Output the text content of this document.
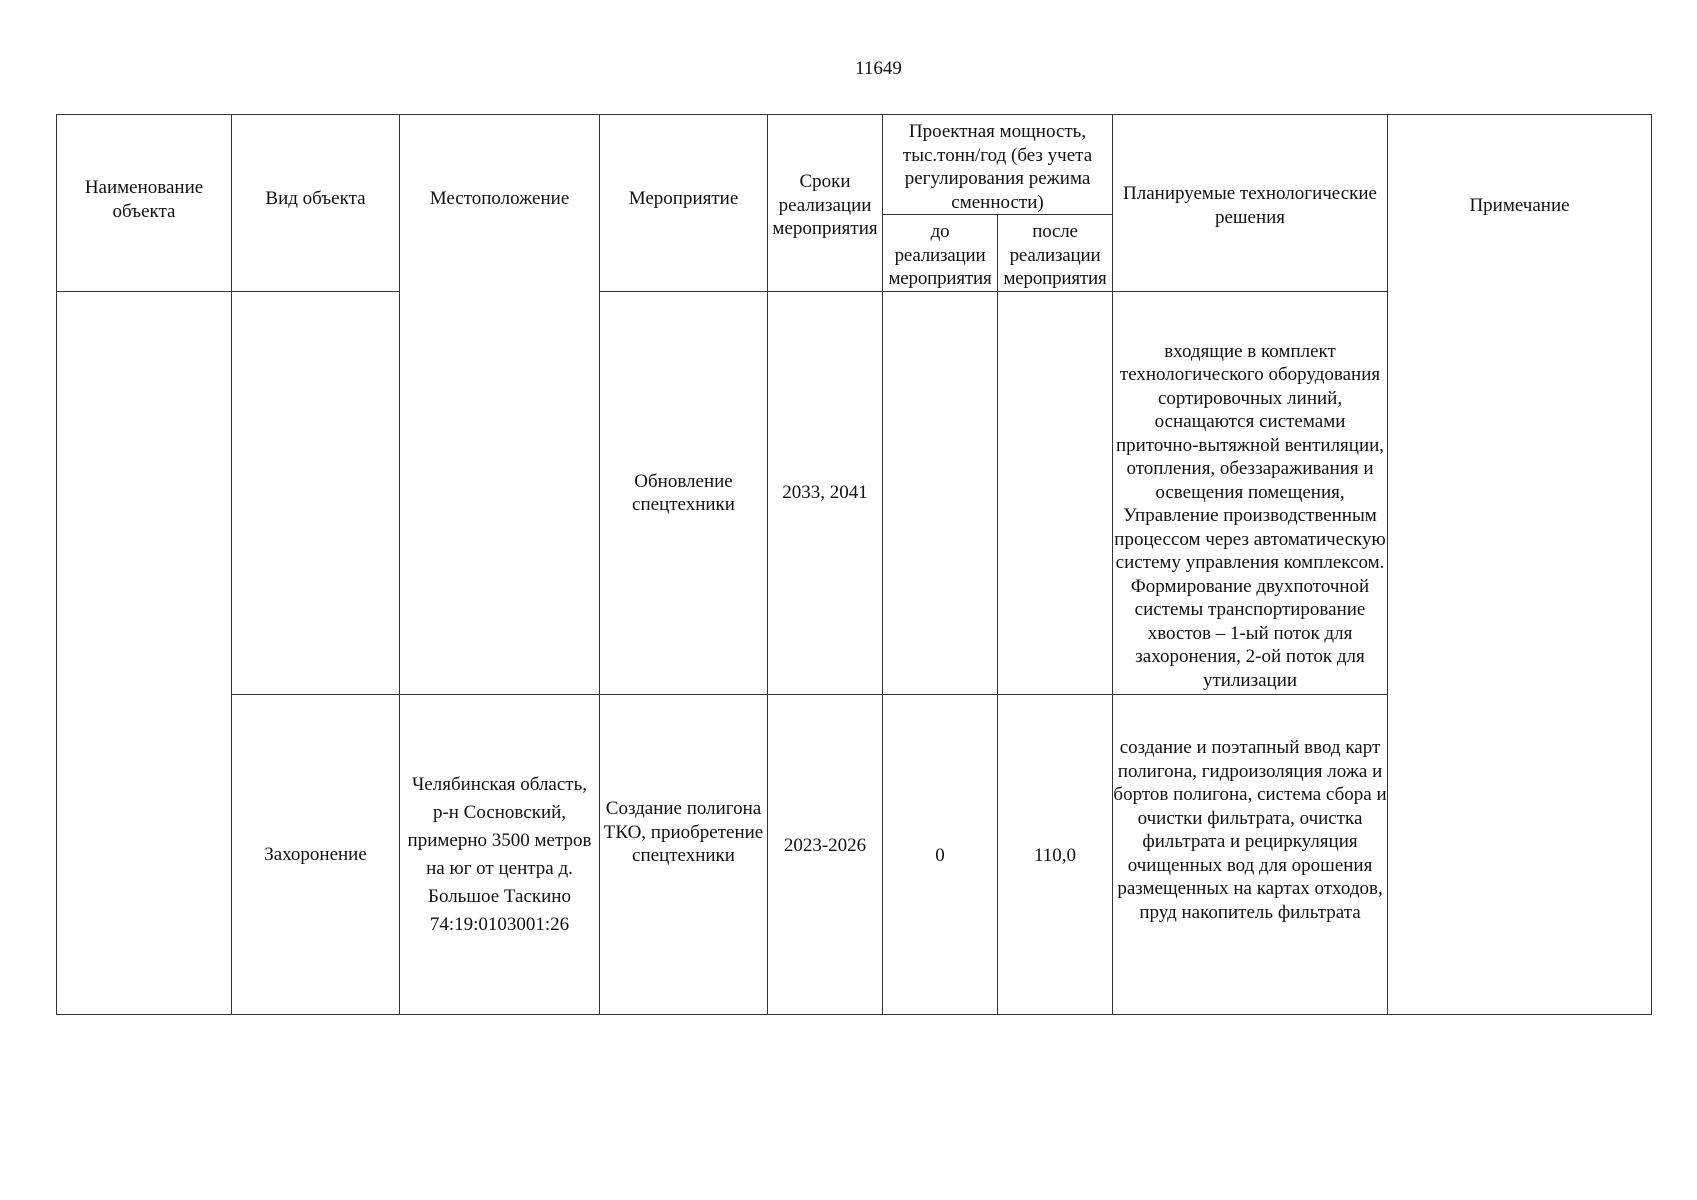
11649
Наименование объекта	Вид объекта	Местоположение	Мероприятие	Сроки реализации мероприятия	Проектная мощность, тыс.тонн/год (без учета регулирования режима сменности)		Планируемые технологические решения	Примечание
					до реализации мероприятия	после реализации мероприятия		
			Обновление спецтехники	2033, 2041			входящие в комплект технологического оборудования сортировочных линий, оснащаются системами приточно-вытяжной вентиляции, отопления, обеззараживания и освещения помещения, Управление производственным процессом через автоматическую систему управления комплексом. Формирование двухпоточной системы транспортирование хвостов – 1-ый поток для захоронения, 2-ой поток для утилизации	
	Захоронение	Челябинская область, р-н Сосновский, примерно 3500 метров на юг от центра д. Большое Таскино 74:19:0103001:26	Создание полигона ТКО, приобретение спецтехники	2023-2026	0	110,0	создание и поэтапный ввод карт полигона, гидроизоляция ложа и бортов полигона, система сбора и очистки фильтрата, очистка фильтрата и рециркуляция очищенных вод для орошения размещенных на картах отходов, пруд накопитель фильтрата	
